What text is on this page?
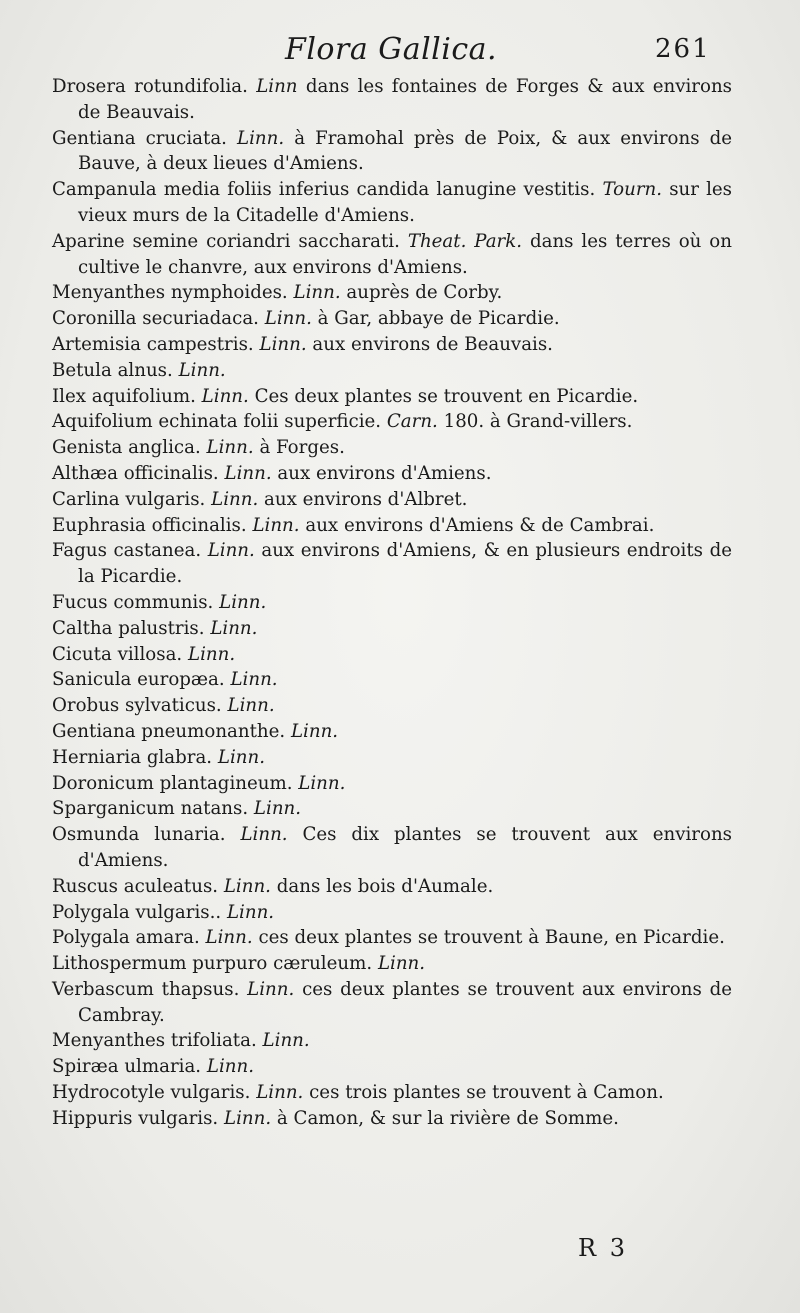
Flora Gallica.	261
Drosera rotundifolia. Linn dans les fontaines de Forges & aux environs de Beauvais.
Gentiana cruciata. Linn. à Framohal près de Poix, & aux environs de Bauve, à deux lieues d'Amiens.
Campanula media foliis inferius candida lanugine vestitis. Tourn. sur les vieux murs de la Citadelle d'Amiens.
Aparine semine coriandri saccharati. Theat. Park. dans les terres où on cultive le chanvre, aux environs d'Amiens.
Menyanthes nymphoides. Linn. auprès de Corby.
Coronilla securiadaca. Linn. à Gar, abbaye de Picardie.
Artemisia campestris. Linn. aux environs de Beauvais.
Betula alnus. Linn.
Ilex aquifolium. Linn. Ces deux plantes se trouvent en Picardie.
Aquifolium echinata folii superficie. Carn. 180. à Grand-villers.
Genista anglica. Linn. à Forges.
Althæa officinalis. Linn. aux environs d'Amiens.
Carlina vulgaris. Linn. aux environs d'Albret.
Euphrasia officinalis. Linn. aux environs d'Amiens & de Cambrai.
Fagus castanea. Linn. aux environs d'Amiens, & en plusieurs endroits de la Picardie.
Fucus communis. Linn.
Caltha palustris. Linn.
Cicuta villosa. Linn.
Sanicula europæa. Linn.
Orobus sylvaticus. Linn.
Gentiana pneumonanthe. Linn.
Herniaria glabra. Linn.
Doronicum plantagineum. Linn.
Sparganicum natans. Linn.
Osmunda lunaria. Linn. Ces dix plantes se trouvent aux environs d'Amiens.
Ruscus aculeatus. Linn. dans les bois d'Aumale.
Polygala vulgaris.. Linn.
Polygala amara. Linn. ces deux plantes se trouvent à Baune, en Picardie.
Lithospermum purpuro cæruleum. Linn.
Verbascum thapsus. Linn. ces deux plantes se trouvent aux environs de Cambray.
Menyanthes trifoliata. Linn.
Spiræa ulmaria. Linn.
Hydrocotyle vulgaris. Linn. ces trois plantes se trouvent à Camon.
Hippuris vulgaris. Linn. à Camon, & sur la rivière de Somme.
R 3
